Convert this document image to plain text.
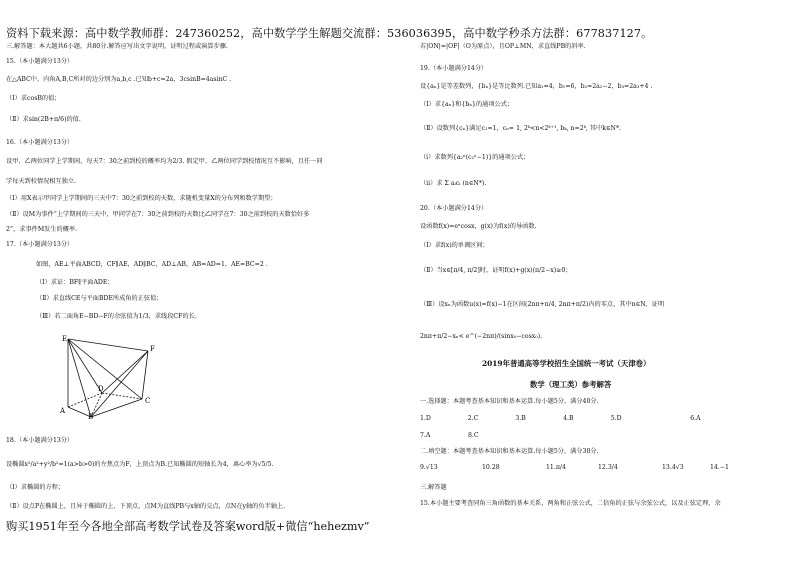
资料下载来源：高中数学教师群：247360252，高中数学学生解题交流群：536036395，高中数学秒杀方法群：677837127。
三.解答题：本大题共6小题，共80分.解答应写出文字说明，证明过程或演算步骤.
15.（本小题满分13分）
在△ABC中，内角A,B,C所对的边分别为a,b,c .已知b+c=2a，3csinB=4asinC .
（Ⅰ）求cosB的值；
（Ⅱ）求sin(2B+π/6)的值.
16.（本小题满分13分）
设甲、乙两位同学上学期间，每天7：30之前到校的概率均为2/3. 假定甲、乙两位同学到校情况互不影响，且任一同
学每天到校情况相互独立.
（Ⅰ）用X表示甲同学上学期间的三天中7：30之前到校的天数，求随机变量X的分布列和数学期望；
（Ⅱ）设M为事件“上学期间的三天中，甲同学在7：30之前到校的天数比乙同学在7：30之前到校的天数恰好多
2”，求事件M发生的概率.
17.（本小题满分13分）
如图，AE⊥平面ABCD，CF∥AE，AD∥BC，AD⊥AB，AB=AD=1，AE=BC=2 .
（Ⅰ）求证：BF∥平面ADE；
（Ⅱ）求直线CE与平面BDE所成角的正弦值；
（Ⅲ）若二面角E−BD−F的余弦值为1/3，求线段CF的长.
E
F
D
C
A
B
18.（本小题满分13分）
设椭圆x²/a²+y²/b²=1(a>b>0)的左焦点为F，上顶点为B.已知椭圆的短轴长为4，离心率为√5/5.
（Ⅰ）求椭圆的方程；
（Ⅱ）设点P在椭圆上，且异于椭圆的上、下顶点，点M为直线PB与x轴的交点，点N在y轴的负半轴上.
若|ON|=|OF|（O为原点），且OP⊥MN，求直线PB的斜率.
19.（本小题满分14分）
设{aₙ}是等差数列，{bₙ}是等比数列.已知a₁=4，b₁=6，b₂=2a₂−2，b₃=2a₃+4 .
（Ⅰ）求{aₙ}和{bₙ}的通项公式；
（Ⅱ）设数列{cₙ}满足c₁=1，cₙ= 1, 2ᵏ<n<2ᵏ⁺¹, bₖ, n=2ᵏ, 其中k∈N*.
（i）求数列{a₂ⁿ(c₂ⁿ−1)}的通项公式；
（ii）求 Σ aᵢcᵢ (n∈N*).
20.（本小题满分14分）
设函数f(x)=eˣcosx，g(x)为f(x)的导函数.
（Ⅰ）求f(x)的单调区间；
（Ⅱ）当x∈[π/4, π/2]时，证明f(x)+g(x)(π/2−x)≥0；
（Ⅲ）设xₙ为函数u(x)=f(x)−1在区间(2nπ+π/4, 2nπ+π/2)内的零点，其中n∈N，证明
2nπ+π/2−xₙ< e^(−2nπ)/(sinx₀−cosx₀).
2019年普通高等学校招生全国统一考试（天津卷）
数学（理工类）参考解答
一.选择题：本题考查基本知识和基本运算.每小题5分，满分40分.
1.D	2.C	3.B	4.B	5.D	6.A
7.A	8.C
二.填空题：本题考查基本知识和基本运算.每小题5分，满分30分.
9.√13	10.28	11.π/4	12.3/4	13.4√3	14.−1
三.解答题
15.本小题主要考查同角三角函数的基本关系，两角和正弦公式，二倍角的正弦与余弦公式，以及正弦定理、余
购买1951年至今各地全部高考数学试卷及答案word版+微信“hehezmv”
